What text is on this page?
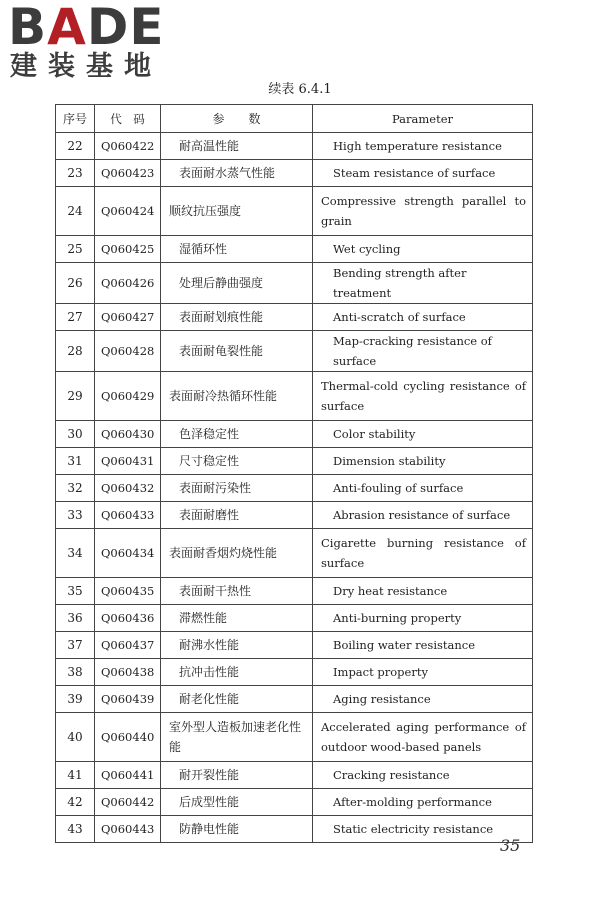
BADE
建装基地
续表 6.4.1
序号	代　码	参　　数	Parameter
22	Q060422	耐高温性能	High temperature resistance
23	Q060423	表面耐水蒸气性能	Steam resistance of surface
24	Q060424	顺纹抗压强度	Compressive strength parallel to grain
25	Q060425	湿循环性	Wet cycling
26	Q060426	处理后静曲强度	Bending strength after treatment
27	Q060427	表面耐划痕性能	Anti-scratch of surface
28	Q060428	表面耐龟裂性能	Map-cracking resistance of surface
29	Q060429	表面耐冷热循环性能	Thermal-cold cycling resistance of surface
30	Q060430	色泽稳定性	Color stability
31	Q060431	尺寸稳定性	Dimension stability
32	Q060432	表面耐污染性	Anti-fouling of surface
33	Q060433	表面耐磨性	Abrasion resistance of surface
34	Q060434	表面耐香烟灼烧性能	Cigarette burning resistance of surface
35	Q060435	表面耐干热性	Dry heat resistance
36	Q060436	滞燃性能	Anti-burning property
37	Q060437	耐沸水性能	Boiling water resistance
38	Q060438	抗冲击性能	Impact property
39	Q060439	耐老化性能	Aging resistance
40	Q060440	室外型人造板加速老化性能	Accelerated aging performance of outdoor wood-based panels
41	Q060441	耐开裂性能	Cracking resistance
42	Q060442	后成型性能	After-molding performance
43	Q060443	防静电性能	Static electricity resistance
35
